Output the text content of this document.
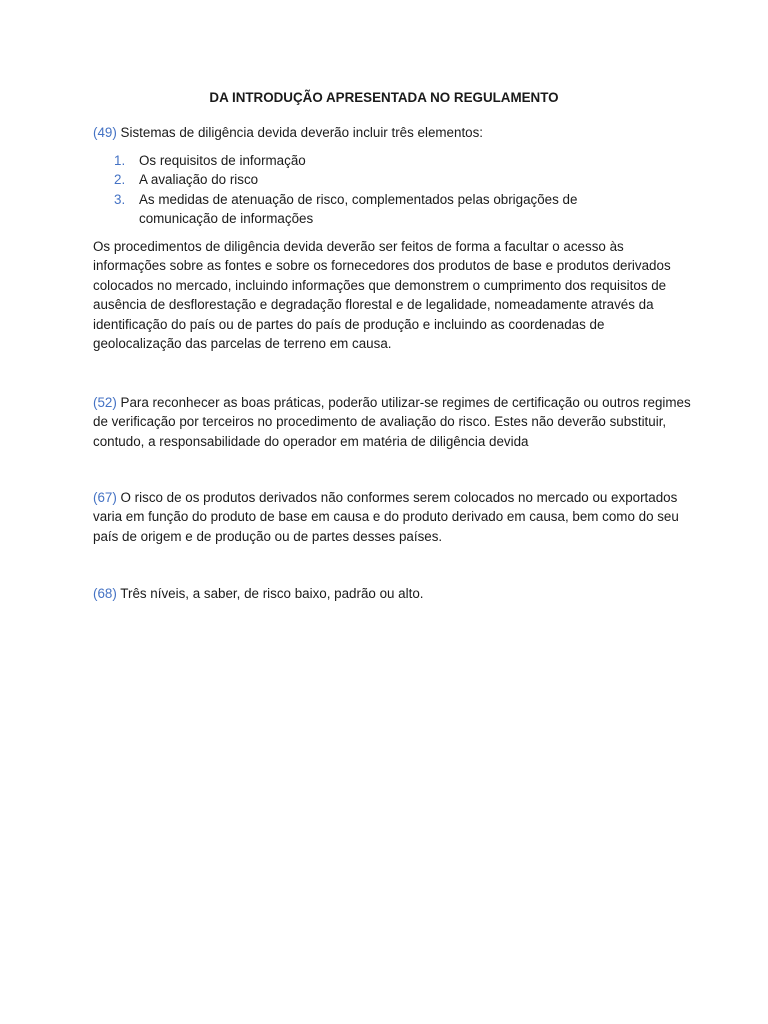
DA INTRODUÇÃO APRESENTADA NO REGULAMENTO

(49) Sistemas de diligência devida deverão incluir três elementos:

1. Os requisitos de informação
2. A avaliação do risco
3. As medidas de atenuação de risco, complementados pelas obrigações de comunicação de informações

Os procedimentos de diligência devida deverão ser feitos de forma a facultar o acesso às informações sobre as fontes e sobre os fornecedores dos produtos de base e produtos derivados colocados no mercado, incluindo informações que demonstrem o cumprimento dos requisitos de ausência de desflorestação e degradação florestal e de legalidade, nomeadamente através da identificação do país ou de partes do país de produção e incluindo as coordenadas de geolocalização das parcelas de terreno em causa.

(52) Para reconhecer as boas práticas, poderão utilizar-se regimes de certificação ou outros regimes de verificação por terceiros no procedimento de avaliação do risco. Estes não deverão substituir, contudo, a responsabilidade do operador em matéria de diligência devida

(67) O risco de os produtos derivados não conformes serem colocados no mercado ou exportados varia em função do produto de base em causa e do produto derivado em causa, bem como do seu país de origem e de produção ou de partes desses países.

(68) Três níveis, a saber, de risco baixo, padrão ou alto.
